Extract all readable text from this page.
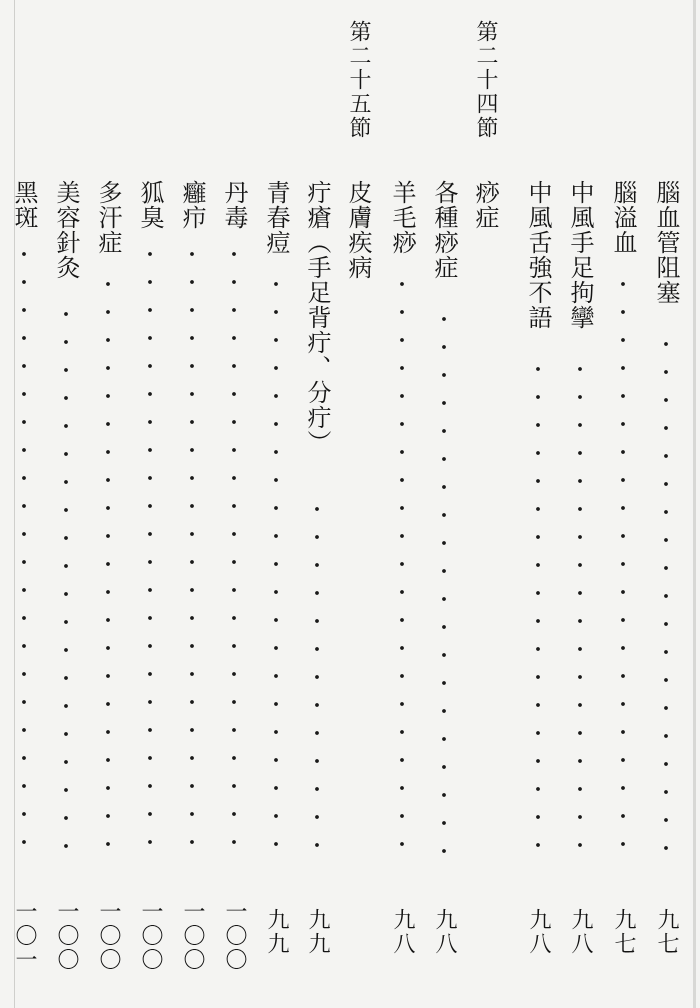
第二十四節
第二十五節
腦血管阻塞
九七
腦溢血
九七
中風手足拘攣
九八
中風舌強不語
九八
痧症
各種痧症
九八
羊毛痧
九八
皮膚疾病
疔瘡（手足背疔、分疔）
九九
青春痘
九九
丹毒
一〇〇
癰疖
一〇〇
狐臭
一〇〇
多汗症
一〇〇
美容針灸
一〇〇
黑斑
一〇一
